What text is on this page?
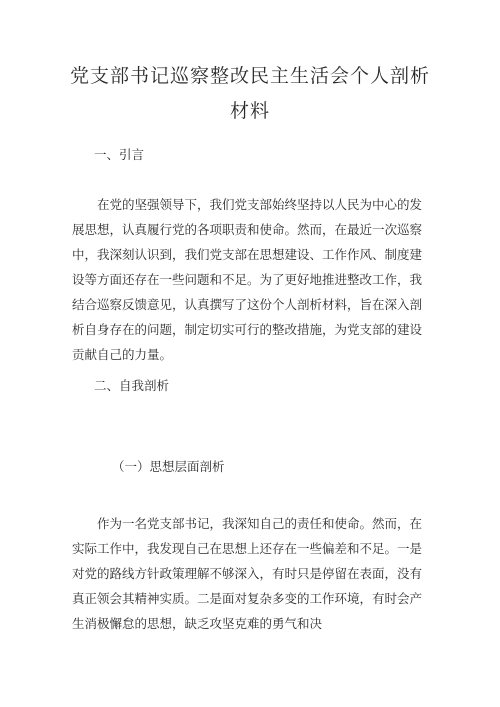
党支部书记巡察整改民主生活会个人剖析
材料
一、引言
在党的坚强领导下，我们党支部始终坚持以人民为中心的发
展思想，认真履行党的各项职责和使命。然而，在最近一次巡察
中，我深刻认识到，我们党支部在思想建设、工作作风、制度建
设等方面还存在一些问题和不足。为了更好地推进整改工作，我
结合巡察反馈意见，认真撰写了这份个人剖析材料，旨在深入剖
析自身存在的问题，制定切实可行的整改措施，为党支部的建设
贡献自己的力量。
二、自我剖析
（一）思想层面剖析
作为一名党支部书记，我深知自己的责任和使命。然而，在
实际工作中，我发现自己在思想上还存在一些偏差和不足。一是
对党的路线方针政策理解不够深入，有时只是停留在表面，没有
真正领会其精神实质。二是面对复杂多变的工作环境，有时会产
生消极懈怠的思想，缺乏攻坚克难的勇气和决
